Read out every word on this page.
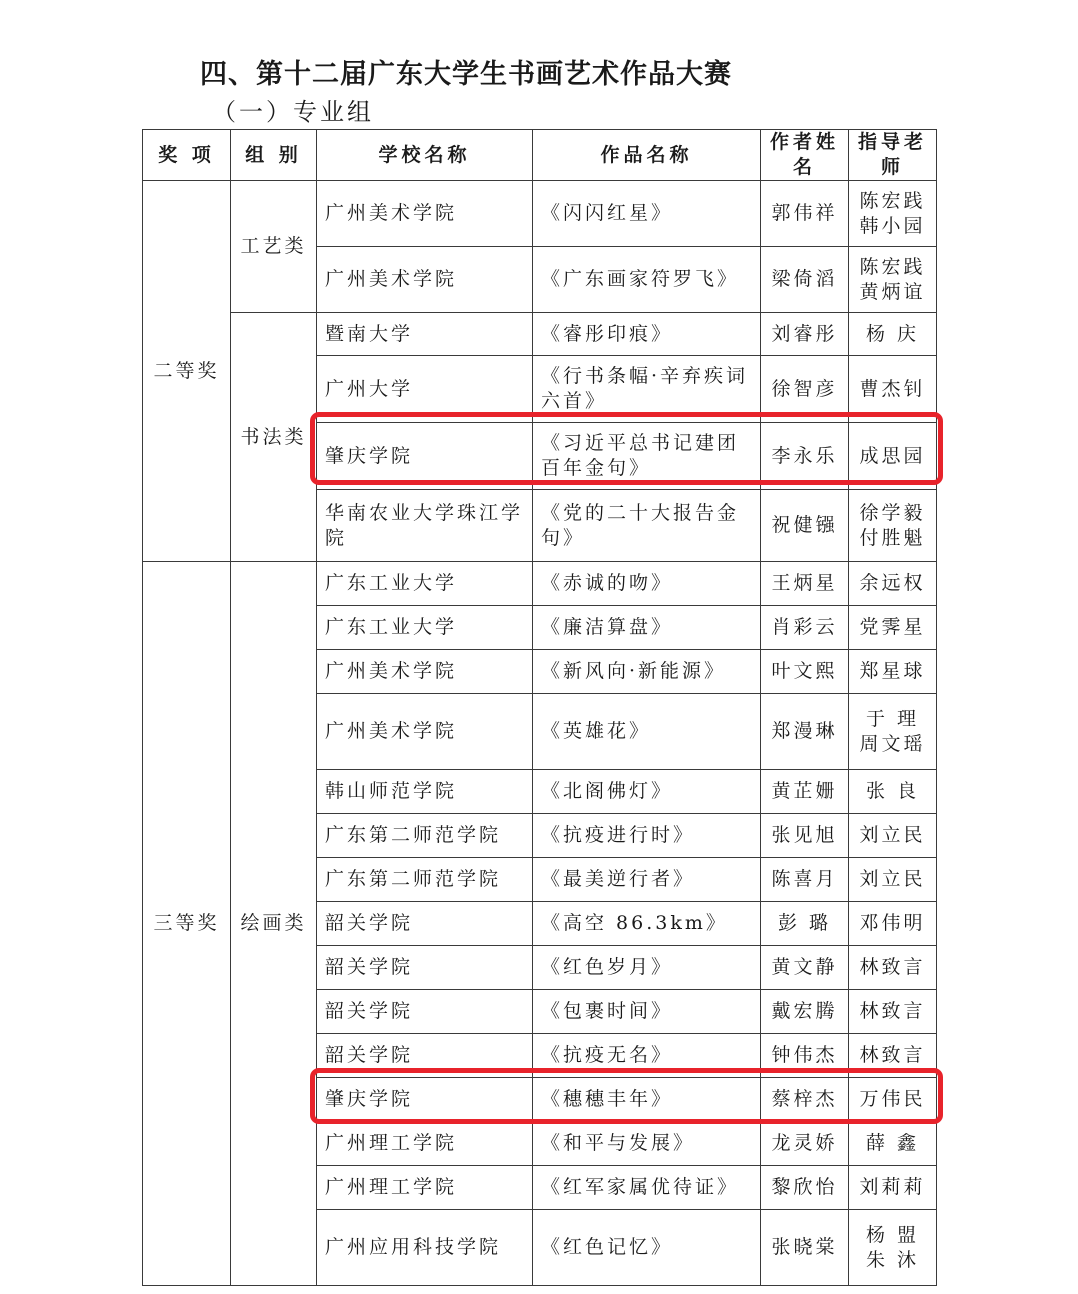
四、第十二届广东大学生书画艺术作品大赛
（一）专业组
奖 项	组 别	学校名称	作品名称	作者姓名	指导老师
二等奖	工艺类	广州美术学院	《闪闪红星》	郭伟祥	陈宏践 韩小园
		广州美术学院	《广东画家符罗飞》	梁倚滔	陈宏践 黄炳谊
	书法类	暨南大学	《睿彤印痕》	刘睿彤	杨 庆
		广州大学	《行书条幅·辛弃疾词六首》	徐智彦	曹杰钊
		肇庆学院	《习近平总书记建团百年金句》	李永乐	成思园
		华南农业大学珠江学院	《党的二十大报告金句》	祝健镪	徐学毅 付胜魁
三等奖	绘画类	广东工业大学	《赤诚的吻》	王炳星	余远权
		广东工业大学	《廉洁算盘》	肖彩云	党霁星
		广州美术学院	《新风向·新能源》	叶文熙	郑星球
		广州美术学院	《英雄花》	郑漫琳	于 理 周文瑶
		韩山师范学院	《北阁佛灯》	黄芷姗	张 良
		广东第二师范学院	《抗疫进行时》	张见旭	刘立民
		广东第二师范学院	《最美逆行者》	陈喜月	刘立民
		韶关学院	《高空 86.3km》	彭 璐	邓伟明
		韶关学院	《红色岁月》	黄文静	林致言
		韶关学院	《包裹时间》	戴宏腾	林致言
		韶关学院	《抗疫无名》	钟伟杰	林致言
		肇庆学院	《穗穗丰年》	蔡梓杰	万伟民
		广州理工学院	《和平与发展》	龙灵娇	薛 鑫
		广州理工学院	《红军家属优待证》	黎欣怡	刘莉莉
		广州应用科技学院	《红色记忆》	张晓棠	杨 盟 朱 沐
